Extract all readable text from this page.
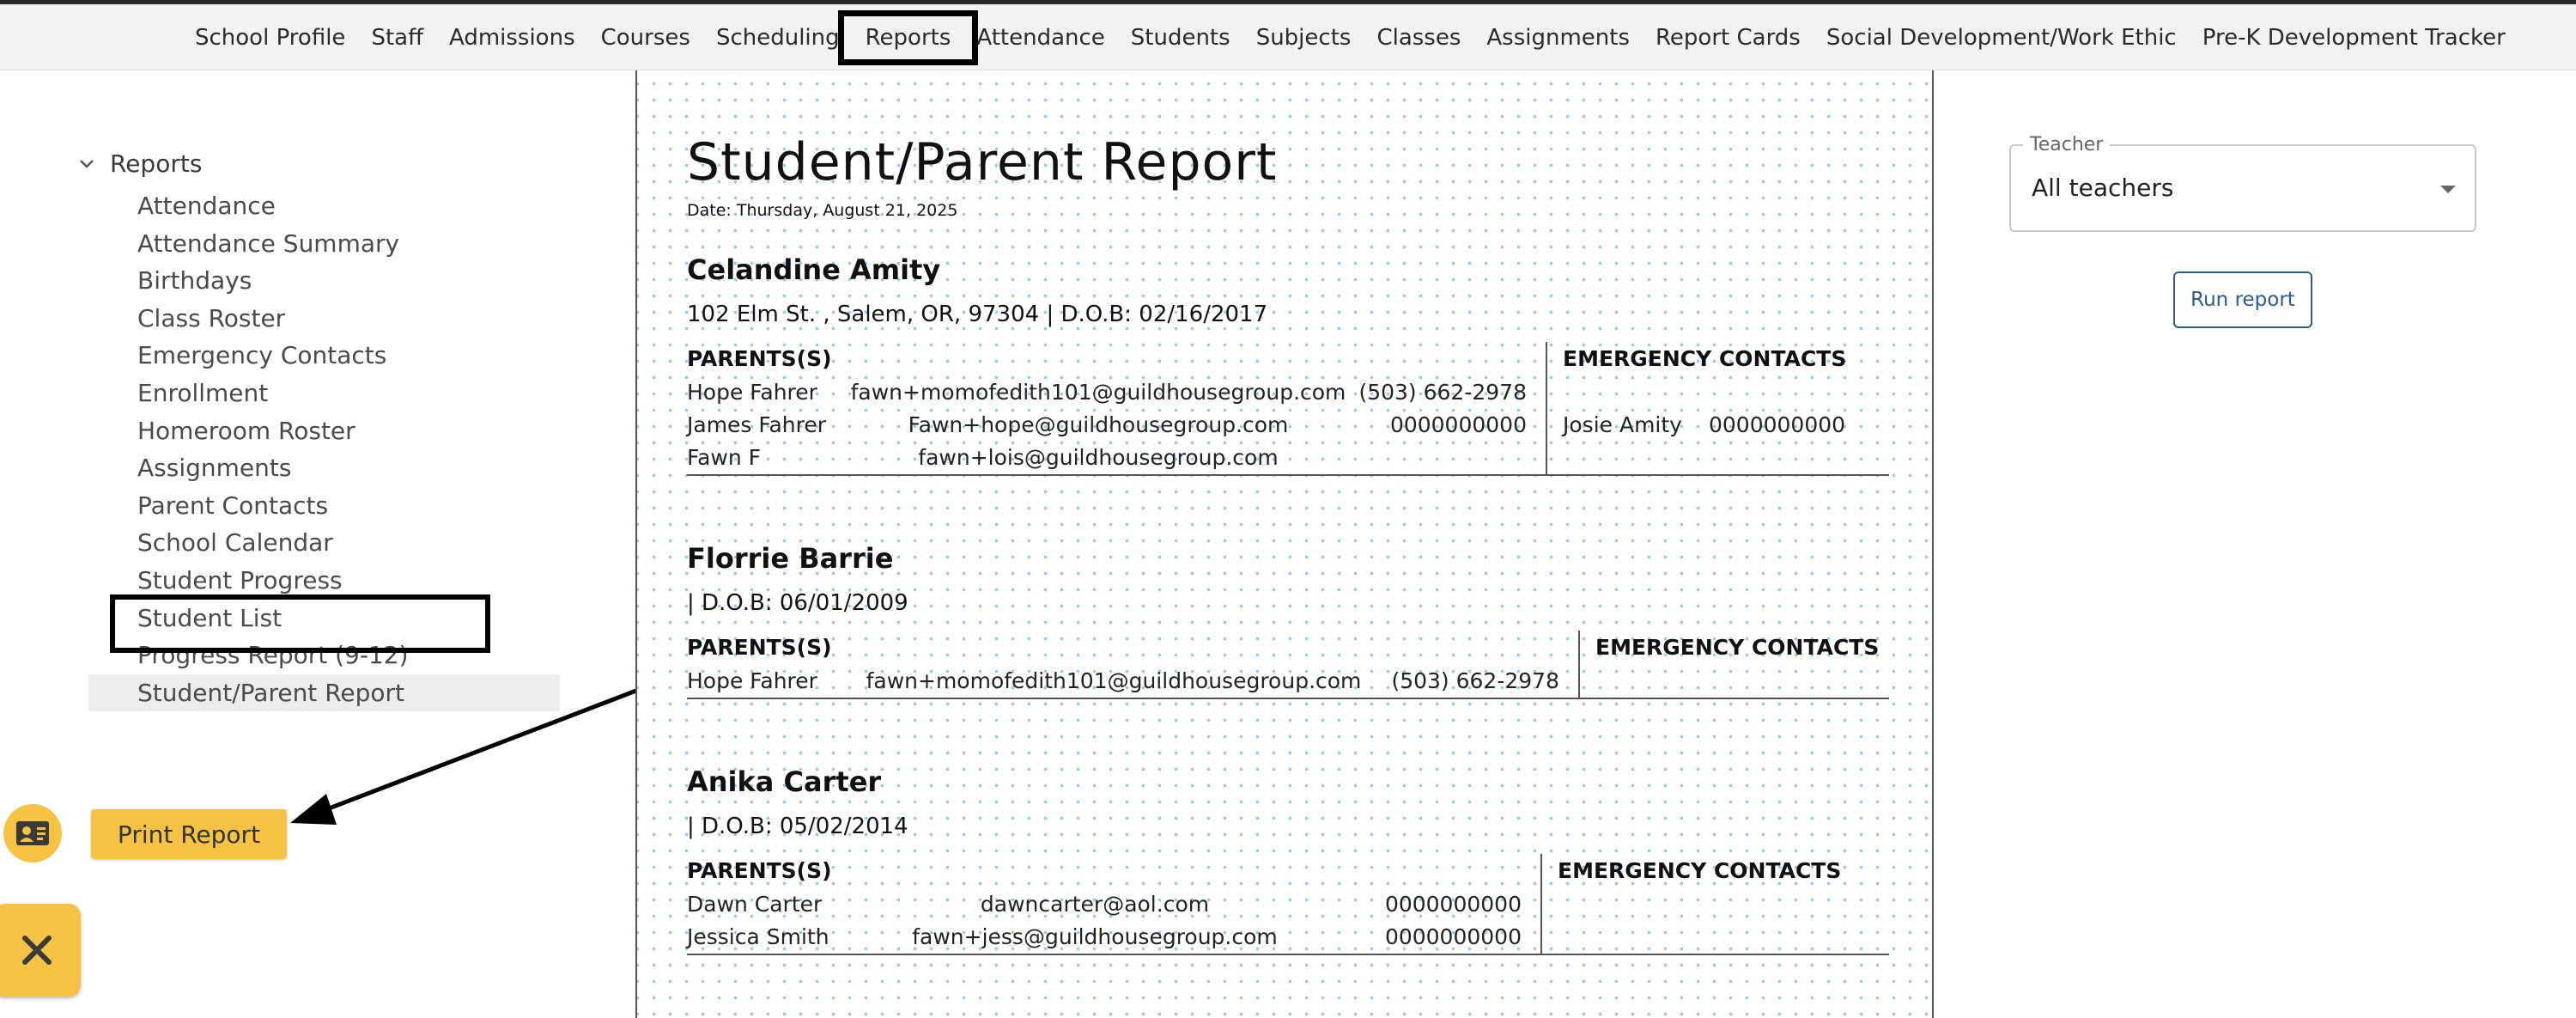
School Profile	Staff	Admissions	Courses	Scheduling	Reports	Attendance	Students	Subjects	Classes	Assignments	Report Cards	Social Development/Work Ethic	Pre-K Development Tracker
Reports
Attendance
Attendance Summary
Birthdays
Class Roster
Emergency Contacts
Enrollment
Homeroom Roster
Assignments
Parent Contacts
School Calendar
Student Progress
Student List
Progress Report (9-12)
Student/Parent Report
Print Report
Student/Parent Report
Date: Thursday, August 21, 2025
Celandine Amity
102 Elm St. , Salem, OR, 97304 | D.O.B: 02/16/2017
PARENTS(S)
Hope Fahrer	fawn+momofedith101@guildhousegroup.com (503) 662-2978
James Fahrer	Fawn+hope@guildhousegroup.com	0000000000
Fawn F	fawn+lois@guildhousegroup.com
EMERGENCY CONTACTS
Josie Amity	0000000000
Florrie Barrie
| D.O.B: 06/01/2009
PARENTS(S)
Hope Fahrer	fawn+momofedith101@guildhousegroup.com	(503) 662-2978
EMERGENCY CONTACTS
Anika Carter
| D.O.B: 05/02/2014
PARENTS(S)
Dawn Carter	dawncarter@aol.com	0000000000
Jessica Smith	fawn+jess@guildhousegroup.com	0000000000
EMERGENCY CONTACTS
All teachers
Teacher
Run report
